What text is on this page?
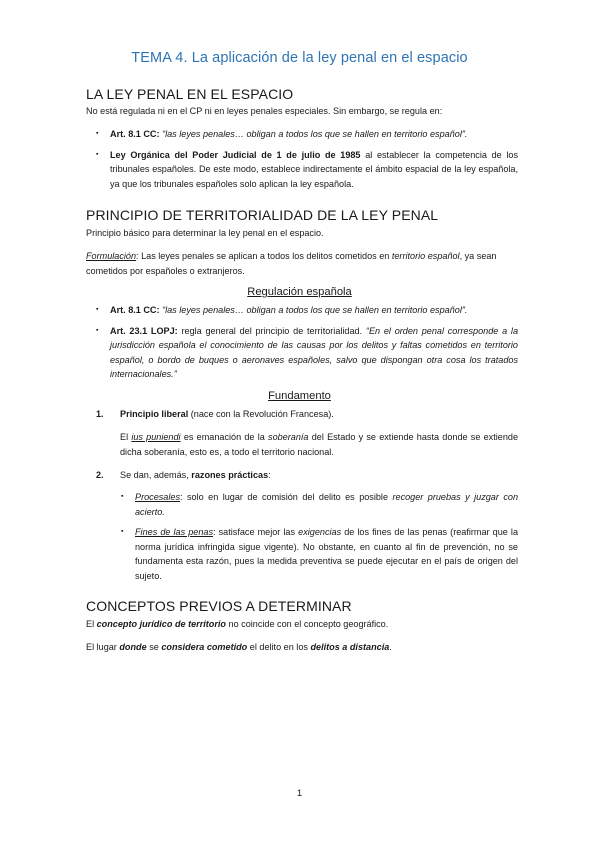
TEMA 4. La aplicación de la ley penal en el espacio
LA LEY PENAL EN EL ESPACIO
No está regulada ni en el CP ni en leyes penales especiales. Sin embargo, se regula en:
▪ Art. 8.1 CC: “las leyes penales… obligan a todos los que se hallen en territorio español”.
▪ Ley Orgánica del Poder Judicial de 1 de julio de 1985 al establecer la competencia de los tribunales españoles. De este modo, establece indirectamente el ámbito espacial de la ley española, ya que los tribunales españoles solo aplican la ley española.
PRINCIPIO DE TERRITORIALIDAD DE LA LEY PENAL
Principio básico para determinar la ley penal en el espacio.
Formulación: Las leyes penales se aplican a todos los delitos cometidos en territorio español, ya sean cometidos por españoles o extranjeros.
Regulación española
▪ Art. 8.1 CC: “las leyes penales… obligan a todos los que se hallen en territorio español”.
▪ Art. 23.1 LOPJ: regla general del principio de territorialidad. “En el orden penal corresponde a la jurisdicción española el conocimiento de las causas por los delitos y faltas cometidos en territorio español, o bordo de buques o aeronaves españoles, salvo que dispongan otra cosa los tratados internacionales.”
Fundamento
1. Principio liberal (nace con la Revolución Francesa).
El ius puniendi es emanación de la soberanía del Estado y se extiende hasta donde se extiende dicha soberanía, esto es, a todo el territorio nacional.
2. Se dan, además, razones prácticas:
▪ Procesales: solo en lugar de comisión del delito es posible recoger pruebas y juzgar con acierto.
▪ Fines de las penas: satisface mejor las exigencias de los fines de las penas (reafirmar que la norma jurídica infringida sigue vigente). No obstante, en cuanto al fin de prevención, no se fundamenta esta razón, pues la medida preventiva se puede ejecutar en el país de origen del sujeto.
CONCEPTOS PREVIOS A DETERMINAR
El concepto jurídico de territorio no coincide con el concepto geográfico.
El lugar donde se considera cometido el delito en los delitos a distancia.
1
